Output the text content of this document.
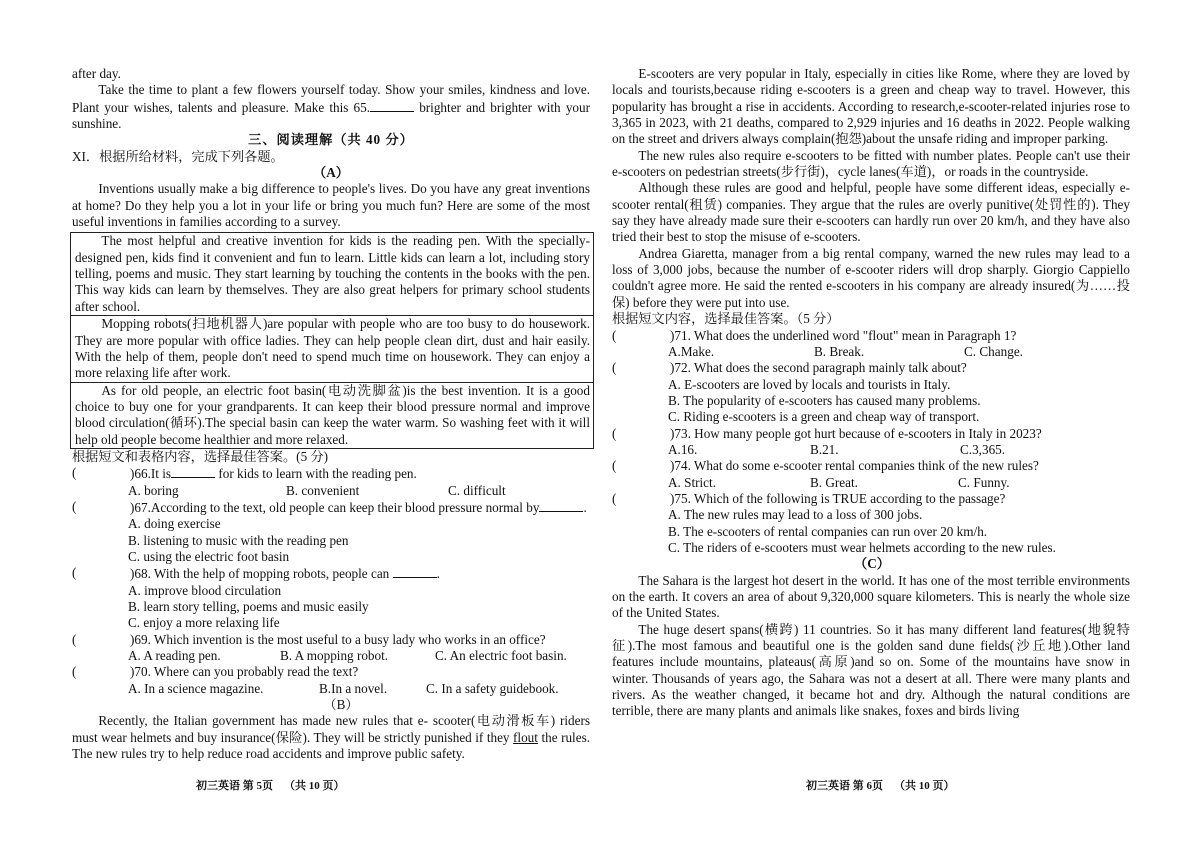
after day.

Take the time to plant a few flowers yourself today. Show your smiles, kindness and love. Plant your wishes, talents and pleasure. Make this 65.	brighter and brighter with your sunshine.

三、阅读理解（共 40 分）

XI．根据所给材料，完成下列各题。

（A）

Inventions usually make a big difference to people's lives. Do you have any great inventions at home? Do they help you a lot in your life or bring you much fun? Here are some of the most useful inventions in families according to a survey.

The most helpful and creative invention for kids is the reading pen. With the specially-designed pen, kids find it convenient and fun to learn. Little kids can learn a lot, including story telling, poems and music. They start learning by touching the contents in the books with the pen. This way kids can learn by themselves. They are also great helpers for primary school students after school.
Mopping robots(扫地机器人)are popular with people who are too busy to do housework. They are more popular with office ladies. They can help people clean dirt, dust and hair easily. With the help of them, people don't need to spend much time on housework. They can enjoy a more relaxing life after work.
As for old people, an electric foot basin(电动洗脚盆)is the best invention. It is a good choice to buy one for your grandparents. It can keep their blood pressure normal and improve blood circulation(循环).The special basin can keep the water warm. So washing feet with it will help old people become healthier and more relaxed.

根据短文和表格内容，选择最佳答案。(5 分)

(	)66.It is	for kids to learn with the reading pen.
A. boring	B. convenient	C. difficult
(	)67.According to the text, old people can keep their blood pressure normal by	.

A. doing exercise

B. listening to music with the reading pen

C. using the electric foot basin

(	)68. With the help of mopping robots, people can	.

A. improve blood circulation

B. learn story telling, poems and music easily

C. enjoy a more relaxing life

(	)69. Which invention is the most useful to a busy lady who works in an office?
A. A reading pen.	B. A mopping robot.	C. An electric foot basin.
(	)70. Where can you probably read the text?
A. In a science magazine.	B.In a novel.	C. In a safety guidebook.

（B）

Recently, the Italian government has made new rules that e- scooter(电动滑板车) riders must wear helmets and buy insurance(保险). They will be strictly punished if they flout the rules. The new rules try to help reduce road accidents and improve public safety.

E-scooters are very popular in Italy, especially in cities like Rome, where they are loved by locals and tourists,because riding e-scooters is a green and cheap way to travel. However, this popularity has brought a rise in accidents. According to research,e-scooter-related injuries rose to 3,365 in 2023, with 21 deaths, compared to 2,929 injuries and 16 deaths in 2022. People walking on the street and drivers always complain(抱怨)about the unsafe riding and improper parking.

The new rules also require e-scooters to be fitted with number plates. People can't use their e-scooters on pedestrian streets(步行街)，cycle lanes(车道)，or roads in the countryside.

Although these rules are good and helpful, people have some different ideas, especially e-scooter rental(租赁) companies. They argue that the rules are overly punitive(处罚性的). They say they have already made sure their e-scooters can hardly run over 20 km/h, and they have also tried their best to stop the misuse of e-scooters.

Andrea Giaretta, manager from a big rental company, warned the new rules may lead to a loss of 3,000 jobs, because the number of e-scooter riders will drop sharply. Giorgio Cappiello couldn't agree more. He said the rented e-scooters in his company are already insured(为……投保) before they were put into use.

根据短文内容，选择最佳答案。（5 分）

(	)71. What does the underlined word "flout" mean in Paragraph 1?
A.Make.	B. Break.	C. Change.
(	)72. What does the second paragraph mainly talk about?

A. E-scooters are loved by locals and tourists in Italy.

B. The popularity of e-scooters has caused many problems.

C. Riding e-scooters is a green and cheap way of transport.

(	)73. How many people got hurt because of e-scooters in Italy in 2023?
A.16.	B.21.	C.3,365.
(	)74. What do some e-scooter rental companies think of the new rules?
A. Strict.	B. Great.	C. Funny.
(	)75. Which of the following is TRUE according to the passage?

A. The new rules may lead to a loss of 300 jobs.

B. The e-scooters of rental companies can run over 20 km/h.

C. The riders of e-scooters must wear helmets according to the new rules.

（C）

The Sahara is the largest hot desert in the world. It has one of the most terrible environments on the earth. It covers an area of about 9,320,000 square kilometers. This is nearly the whole size of the United States.

The huge desert spans(横跨) 11 countries. So it has many different land features(地貌特征).The most famous and beautiful one is the golden sand dune fields(沙丘地).Other land features include mountains, plateaus(高原)and so on. Some of the mountains have snow in winter. Thousands of years ago, the Sahara was not a desert at all. There were many plants and rivers. As the weather changed, it became hot and dry. Although the natural conditions are terrible, there are many plants and animals like snakes, foxes and birds living

初三英语 第 5页    （共 10 页）	初三英语 第 6页    （共 10 页）
